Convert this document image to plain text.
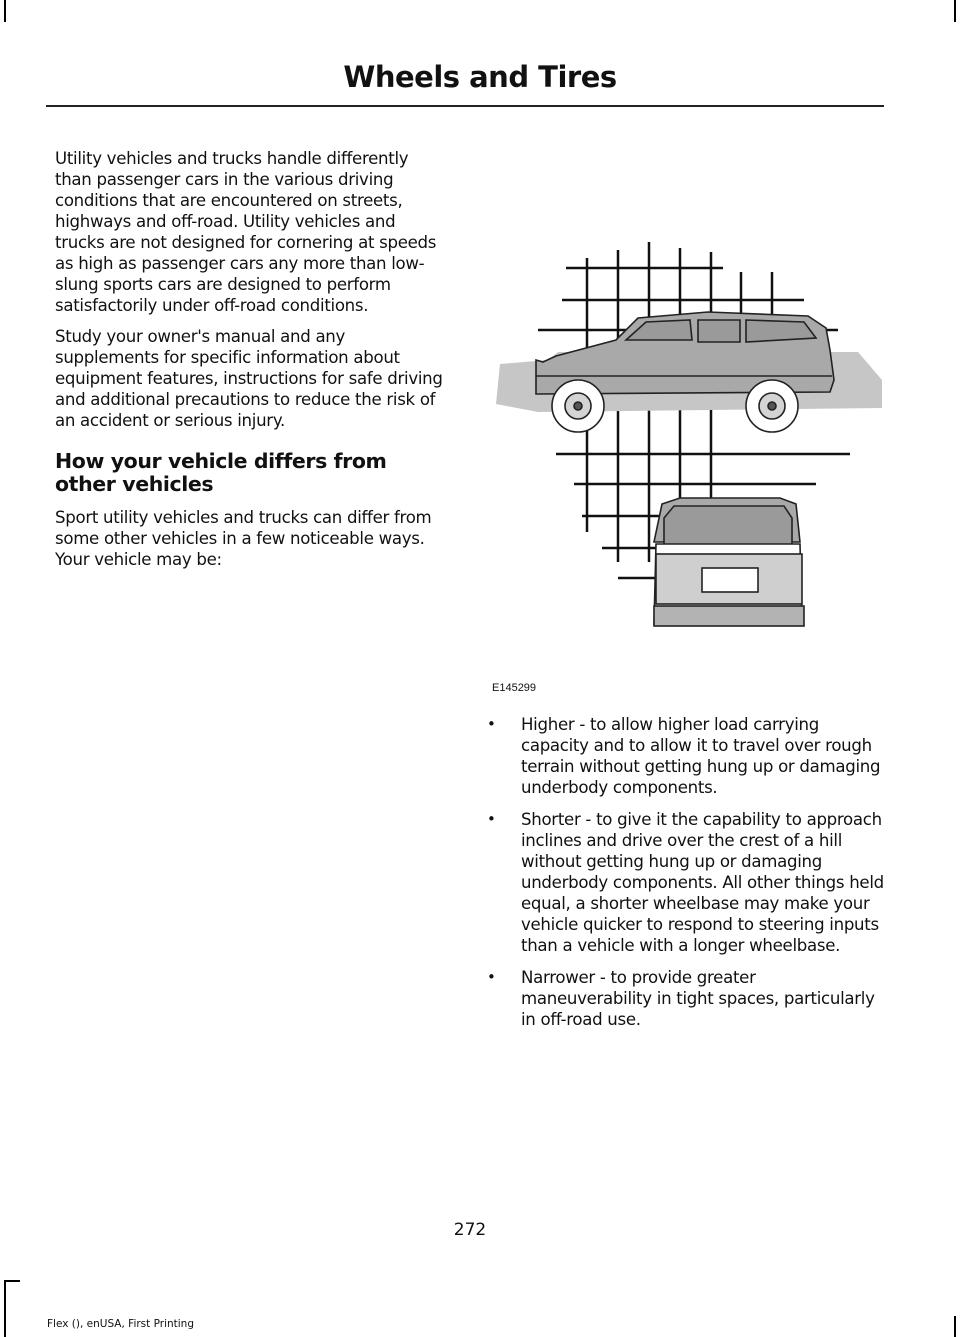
Wheels and Tires

Utility vehicles and trucks handle differently than passenger cars in the various driving conditions that are encountered on streets, highways and off-road. Utility vehicles and trucks are not designed for cornering at speeds as high as passenger cars any more than low-slung sports cars are designed to perform satisfactorily under off-road conditions.

Study your owner's manual and any supplements for specific information about equipment features, instructions for safe driving and additional precautions to reduce the risk of an accident or serious injury.

How your vehicle differs from other vehicles

Sport utility vehicles and trucks can differ from some other vehicles in a few noticeable ways. Your vehicle may be:

E145299
• Higher - to allow higher load carrying capacity and to allow it to travel over rough terrain without getting hung up or damaging underbody components.
• Shorter - to give it the capability to approach inclines and drive over the crest of a hill without getting hung up or damaging underbody components. All other things held equal, a shorter wheelbase may make your vehicle quicker to respond to steering inputs than a vehicle with a longer wheelbase.
• Narrower - to provide greater maneuverability in tight spaces, particularly in off-road use.
272
Flex (), enUSA, First Printing
